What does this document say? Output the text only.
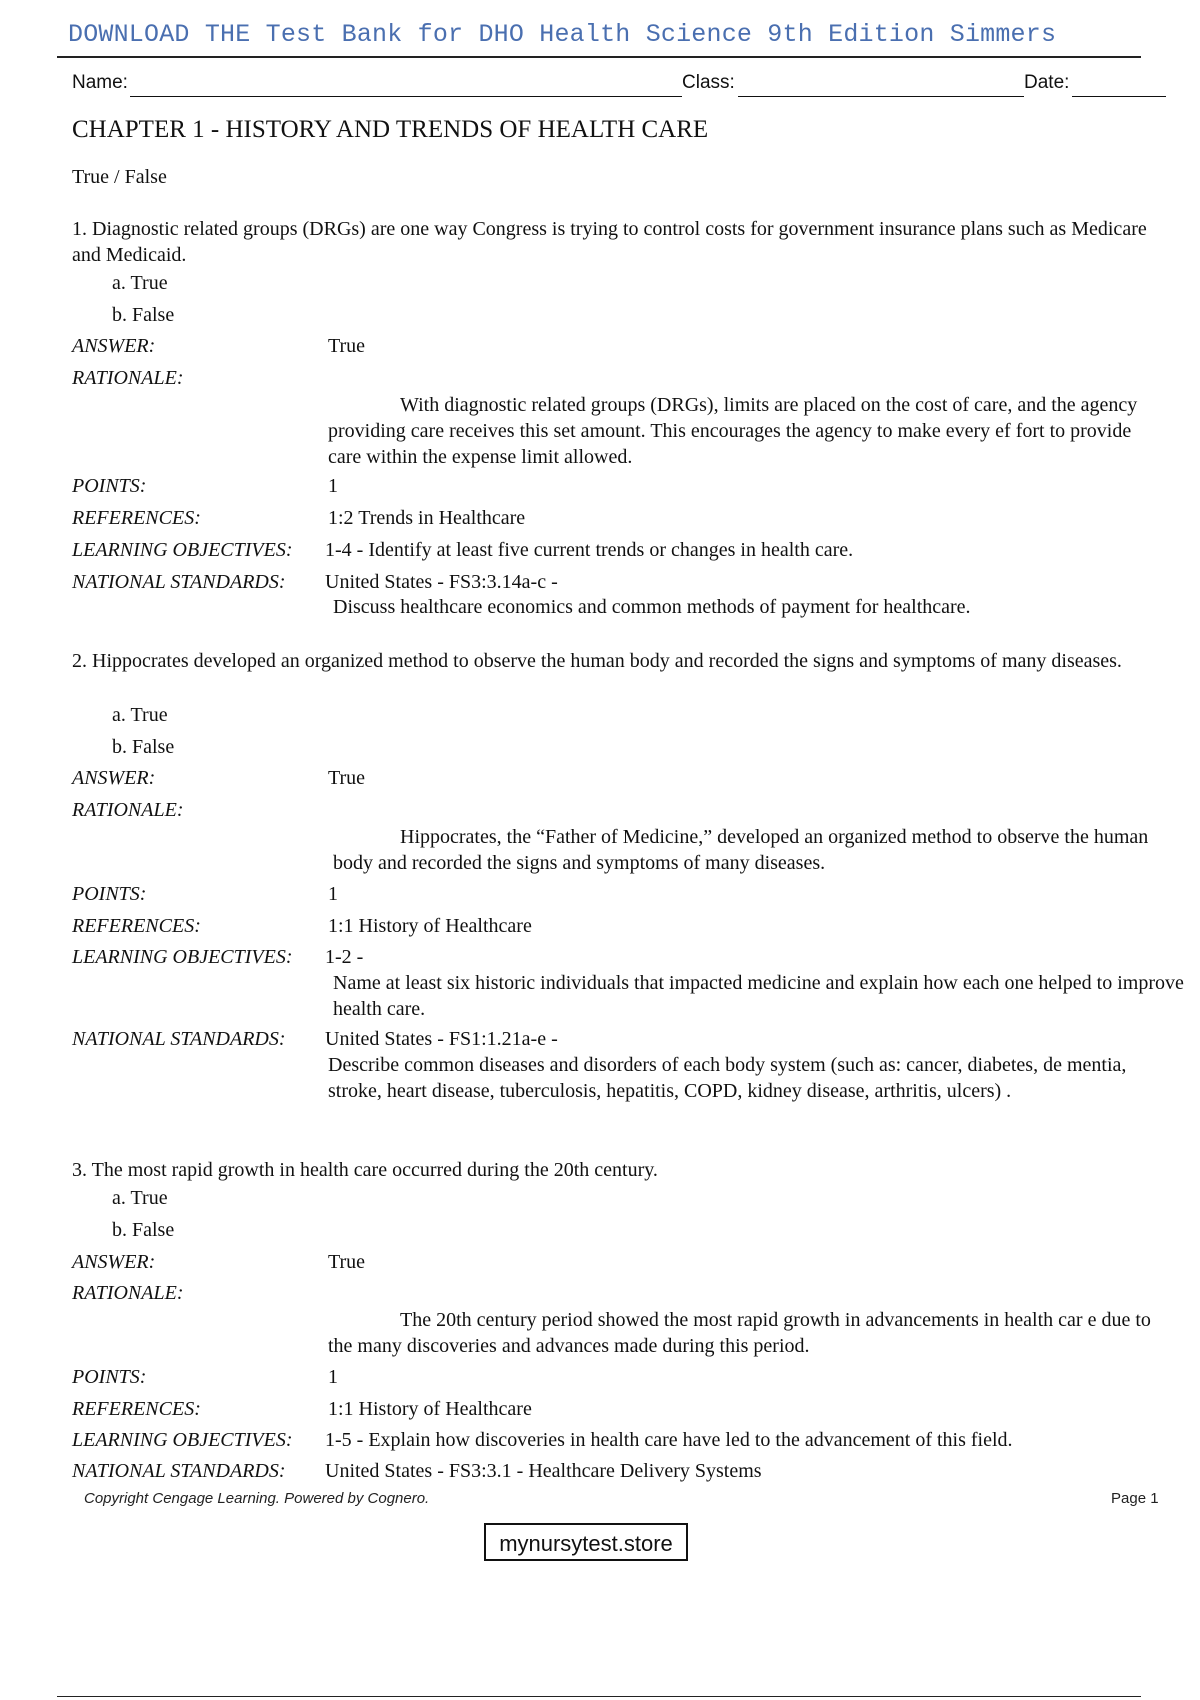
DOWNLOAD THE Test Bank for DHO Health Science 9th Edition Simmers
Name:	Class:	Date:
CHAPTER 1 - HISTORY AND TRENDS OF HEALTH CARE
True / False
1. Diagnostic related groups (DRGs) are one way Congress is trying to control costs for government insurance plans such as Medicare and Medicaid.
a. True
b. False
ANSWER:	True
RATIONALE:
With diagnostic related groups (DRGs), limits are placed on the cost of care, and the agency providing care receives this set amount. This encourages the agency to make every ef fort to provide care within the expense limit allowed.
POINTS:	1
REFERENCES:	1:2 Trends in Healthcare
LEARNING OBJECTIVES: 1-4 - Identify at least five current trends or changes in health care.
NATIONAL STANDARDS: United States - FS3:3.14a-c -
Discuss healthcare economics and common methods of payment for healthcare.
2. Hippocrates developed an organized method to observe the human body and recorded the signs and symptoms of many diseases.
a. True
b. False
ANSWER:	True
RATIONALE:
Hippocrates, the “Father of Medicine,” developed an organized method to observe the human body and recorded the signs and symptoms of many diseases.
POINTS:	1
REFERENCES:	1:1 History of Healthcare
LEARNING OBJECTIVES: 1-2 -
Name at least six historic individuals that impacted medicine and explain how each one helped to improve health care.
NATIONAL STANDARDS: United States - FS1:1.21a-e -
Describe common diseases and disorders of each body system (such as: cancer, diabetes, de mentia, stroke, heart disease, tuberculosis, hepatitis, COPD, kidney disease, arthritis, ulcers) .
3. The most rapid growth in health care occurred during the 20th century.
a. True
b. False
ANSWER:	True
RATIONALE:
The 20th century period showed the most rapid growth in advancements in health car e due to the many discoveries and advances made during this period.
POINTS:	1
REFERENCES:	1:1 History of Healthcare
LEARNING OBJECTIVES: 1-5 - Explain how discoveries in health care have led to the advancement of this field.
NATIONAL STANDARDS: United States - FS3:3.1 - Healthcare Delivery Systems
Copyright Cengage Learning. Powered by Cognero.	Page 1
mynursytest.store
